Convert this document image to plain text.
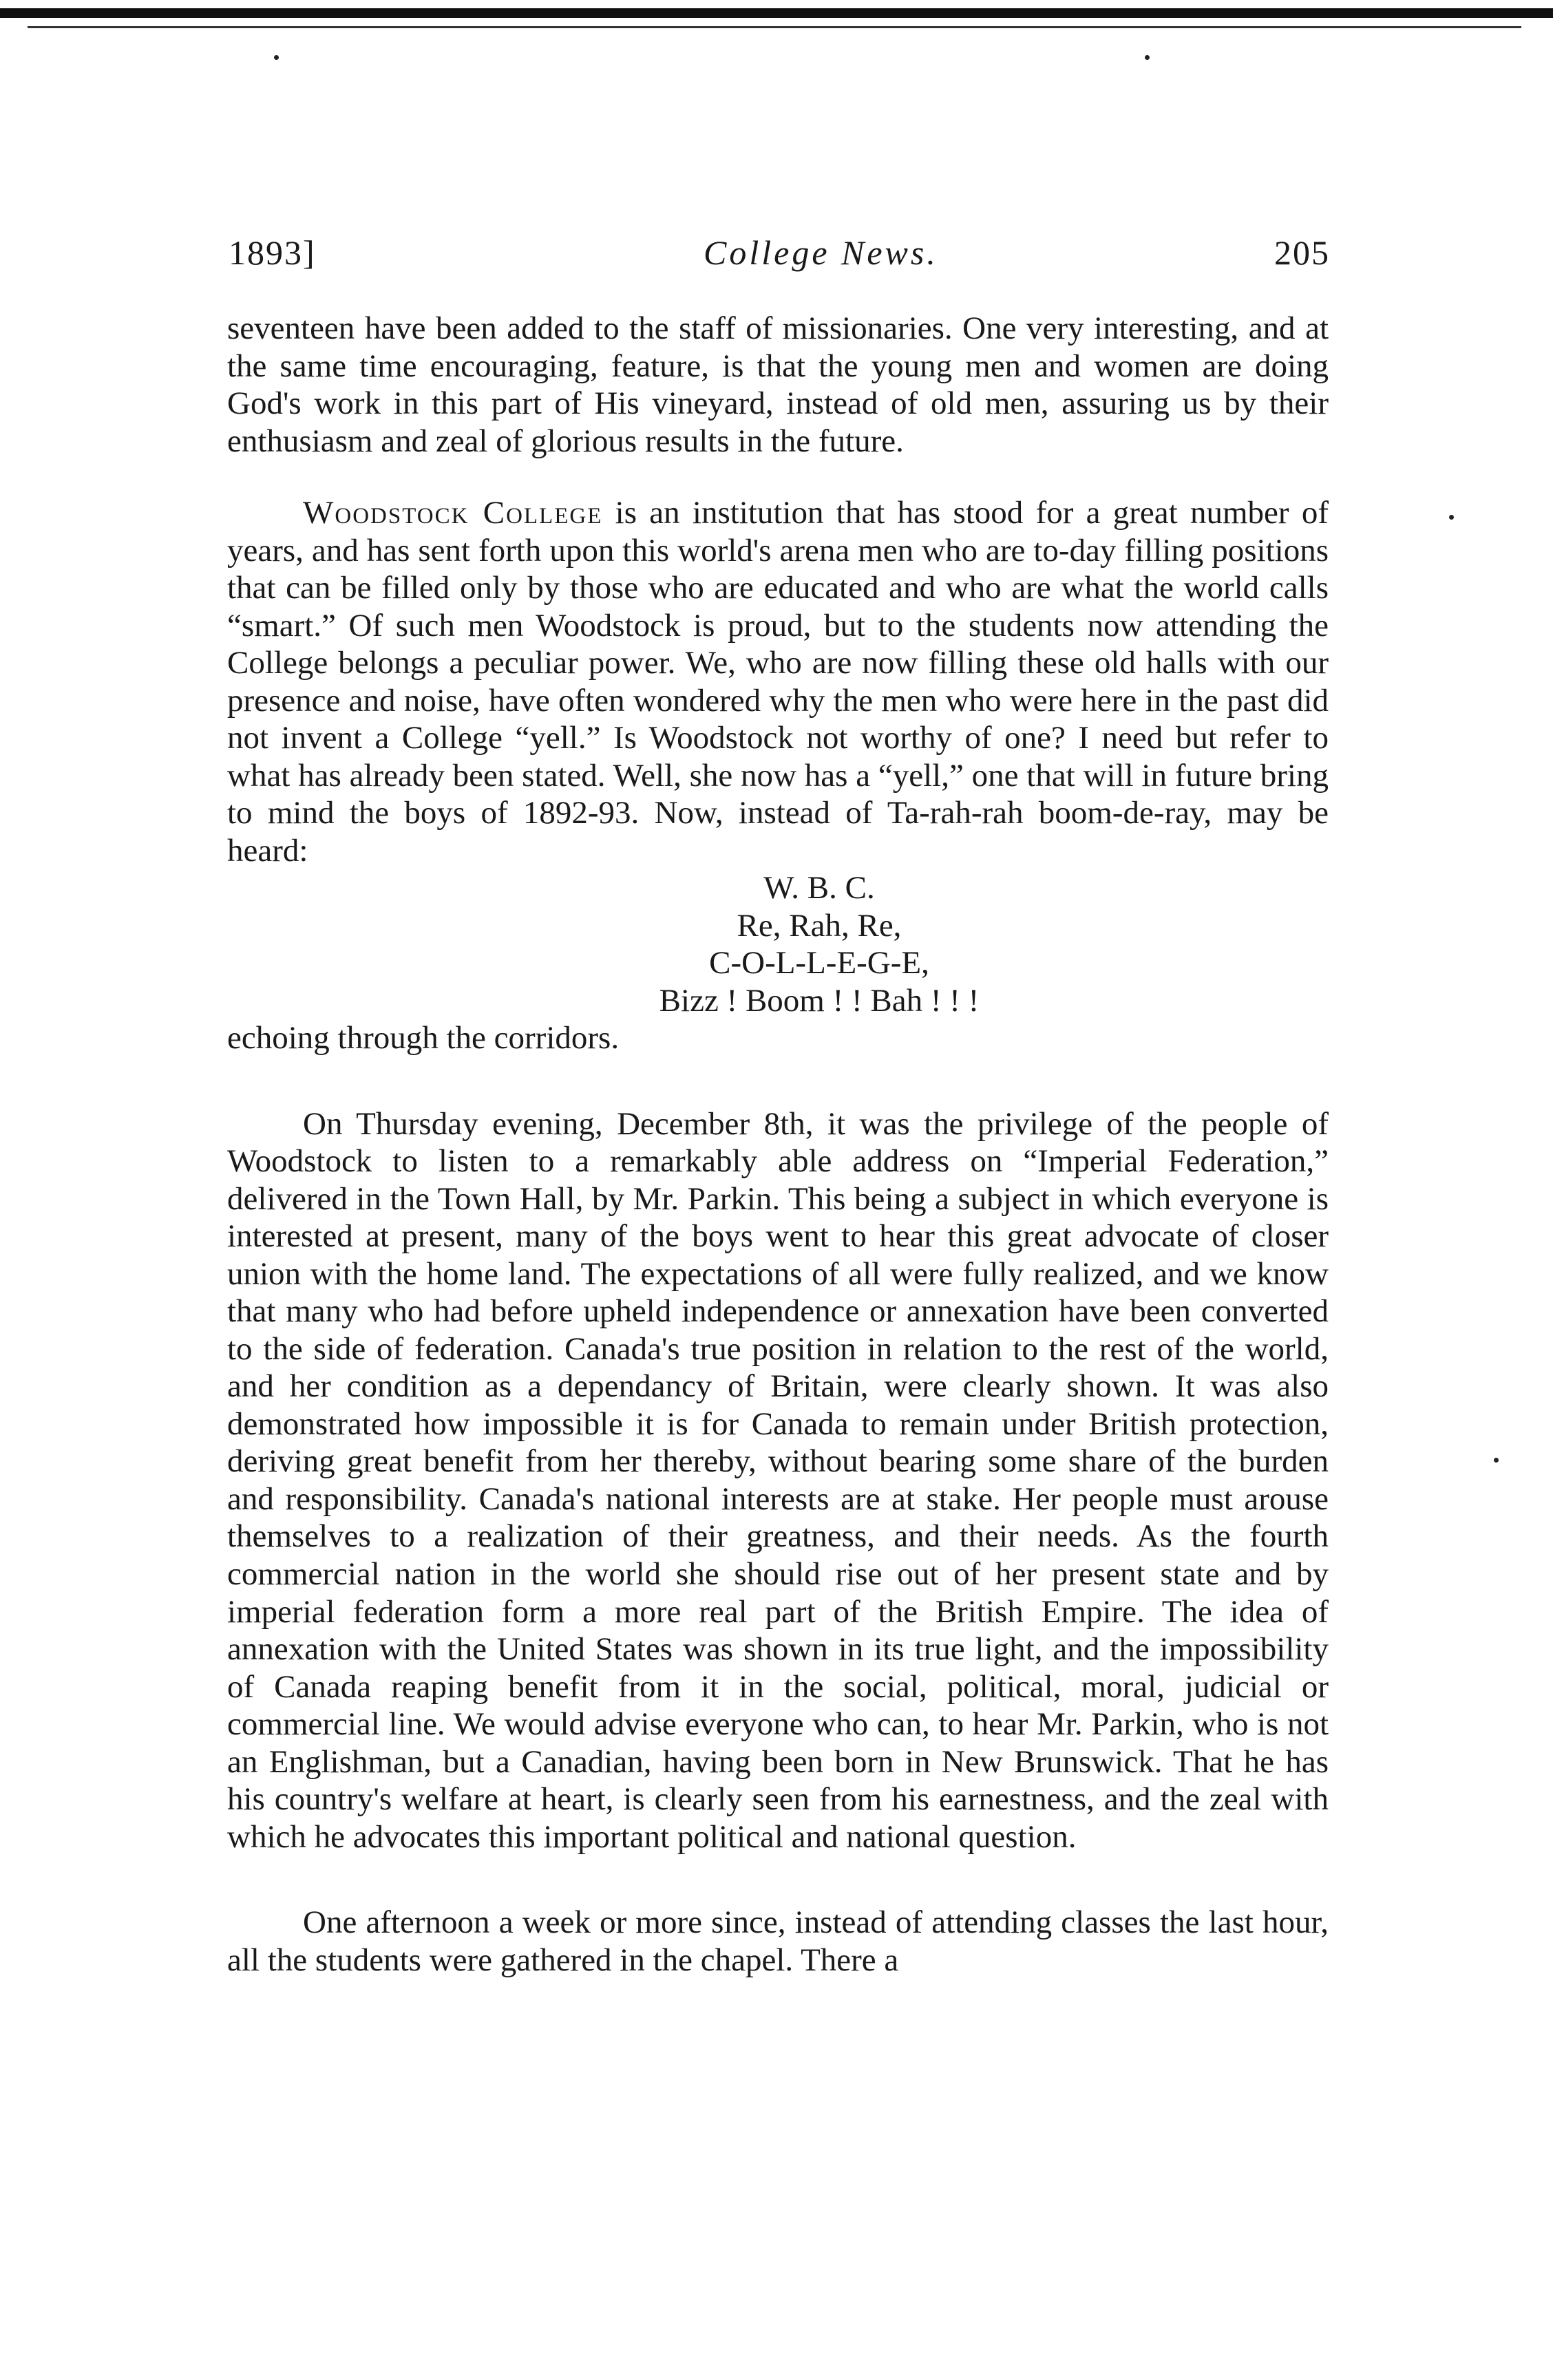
1893]	College News.	205

seventeen have been added to the staff of missionaries. One very interesting, and at the same time encouraging, feature, is that the young men and women are doing God's work in this part of His vineyard, instead of old men, assuring us by their enthusiasm and zeal of glorious results in the future.

Woodstock College is an institution that has stood for a great number of years, and has sent forth upon this world's arena men who are to-day filling positions that can be filled only by those who are educated and who are what the world calls “smart.” Of such men Woodstock is proud, but to the students now attending the College belongs a peculiar power. We, who are now filling these old halls with our presence and noise, have often wondered why the men who were here in the past did not invent a College “yell.” Is Woodstock not worthy of one? I need but refer to what has already been stated. Well, she now has a “yell,” one that will in future bring to mind the boys of 1892-93. Now, instead of Ta-rah-rah boom-de-ray, may be heard:

W. B. C.

Re, Rah, Re,

C-O-L-L-E-G-E,

Bizz ! Boom ! ! Bah ! ! !

echoing through the corridors.

On Thursday evening, December 8th, it was the privilege of the people of Woodstock to listen to a remarkably able address on “Imperial Federation,” delivered in the Town Hall, by Mr. Parkin. This being a subject in which everyone is interested at present, many of the boys went to hear this great advocate of closer union with the home land. The expectations of all were fully realized, and we know that many who had before upheld independence or annexation have been converted to the side of federation. Canada's true position in relation to the rest of the world, and her condition as a dependancy of Britain, were clearly shown. It was also demonstrated how impossible it is for Canada to remain under British protection, deriving great benefit from her thereby, without bearing some share of the burden and responsibility. Canada's national interests are at stake. Her people must arouse themselves to a realization of their greatness, and their needs. As the fourth commercial nation in the world she should rise out of her present state and by imperial federation form a more real part of the British Empire. The idea of annexation with the United States was shown in its true light, and the impossibility of Canada reaping benefit from it in the social, political, moral, judicial or commercial line. We would advise everyone who can, to hear Mr. Parkin, who is not an Englishman, but a Canadian, having been born in New Brunswick. That he has his country's welfare at heart, is clearly seen from his earnestness, and the zeal with which he advocates this important political and national question.

One afternoon a week or more since, instead of attending classes the last hour, all the students were gathered in the chapel. There a
